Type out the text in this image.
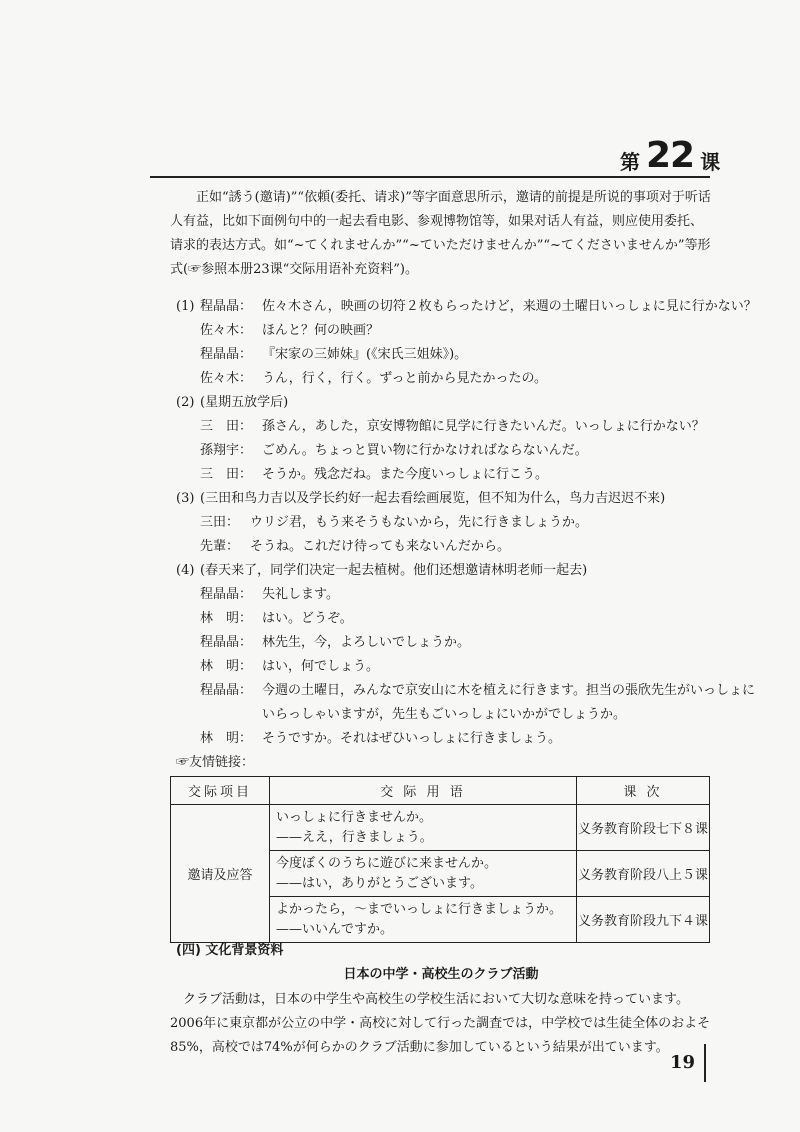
第 22 课
正如“誘う(邀请)”“依頼(委托、请求)”等字面意思所示，邀请的前提是所说的事项对于听话人有益，比如下面例句中的一起去看电影、参观博物馆等，如果对话人有益，则应使用委托、请求的表达方式。如“~てくれませんか”“~ていただけませんか”“~てくださいませんか”等形式(☞参照本册23课“交际用语补充资料”)。
(1) 程晶晶： 佐々木さん，映画の切符２枚もらったけど，来週の土曜日いっしょに見に行かない？
佐々木： ほんと？何の映画？
程晶晶： 『宋家の三姉妹』(《宋氏三姐妹》)。
佐々木： うん，行く，行く。ずっと前から見たかったの。
(2) (星期五放学后)
三　田： 孫さん，あした，京安博物館に見学に行きたいんだ。いっしょに行かない？
孫翔宇： ごめん。ちょっと買い物に行かなければならないんだ。
三　田： そうか。残念だね。また今度いっしょに行こう。
(3) (三田和鸟力吉以及学长约好一起去看绘画展览，但不知为什么，鸟力吉迟迟不来)
三田： ウリジ君，もう来そうもないから，先に行きましょうか。
先輩： そうね。これだけ待っても来ないんだから。
(4) (春天来了，同学们决定一起去植树。他们还想邀请林明老师一起去)
程晶晶： 失礼します。
林　明： はい。どうぞ。
程晶晶： 林先生，今，よろしいでしょうか。
林　明： はい，何でしょう。
程晶晶： 今週の土曜日，みんなで京安山に木を植えに行きます。担当の張欣先生がいっしょに
いらっしゃいますが，先生もごいっしょにいかがでしょうか。
林　明： そうですか。それはぜひいっしょに行きましょう。
☞友情链接：
交际项目	交 际 用 语	课 次
邀请及应答	いっしょに行きませんか。
——ええ，行きましょう。	义务教育阶段七下８课

	今度ぼくのうちに遊びに来ませんか。
——はい，ありがとうございます。	义务教育阶段八上５课

	よかったら，～までいっしょに行きましょうか。
——いいんですか。	义务教育阶段九下４课
(四) 文化背景资料
日本の中学・高校生のクラブ活動
クラブ活動は，日本の中学生や高校生の学校生活において大切な意味を持っています。2006年に東京都が公立の中学・高校に対して行った調査では，中学校では生徒全体のおよそ85%，高校では74%が何らかのクラブ活動に参加しているという結果が出ています。
19
